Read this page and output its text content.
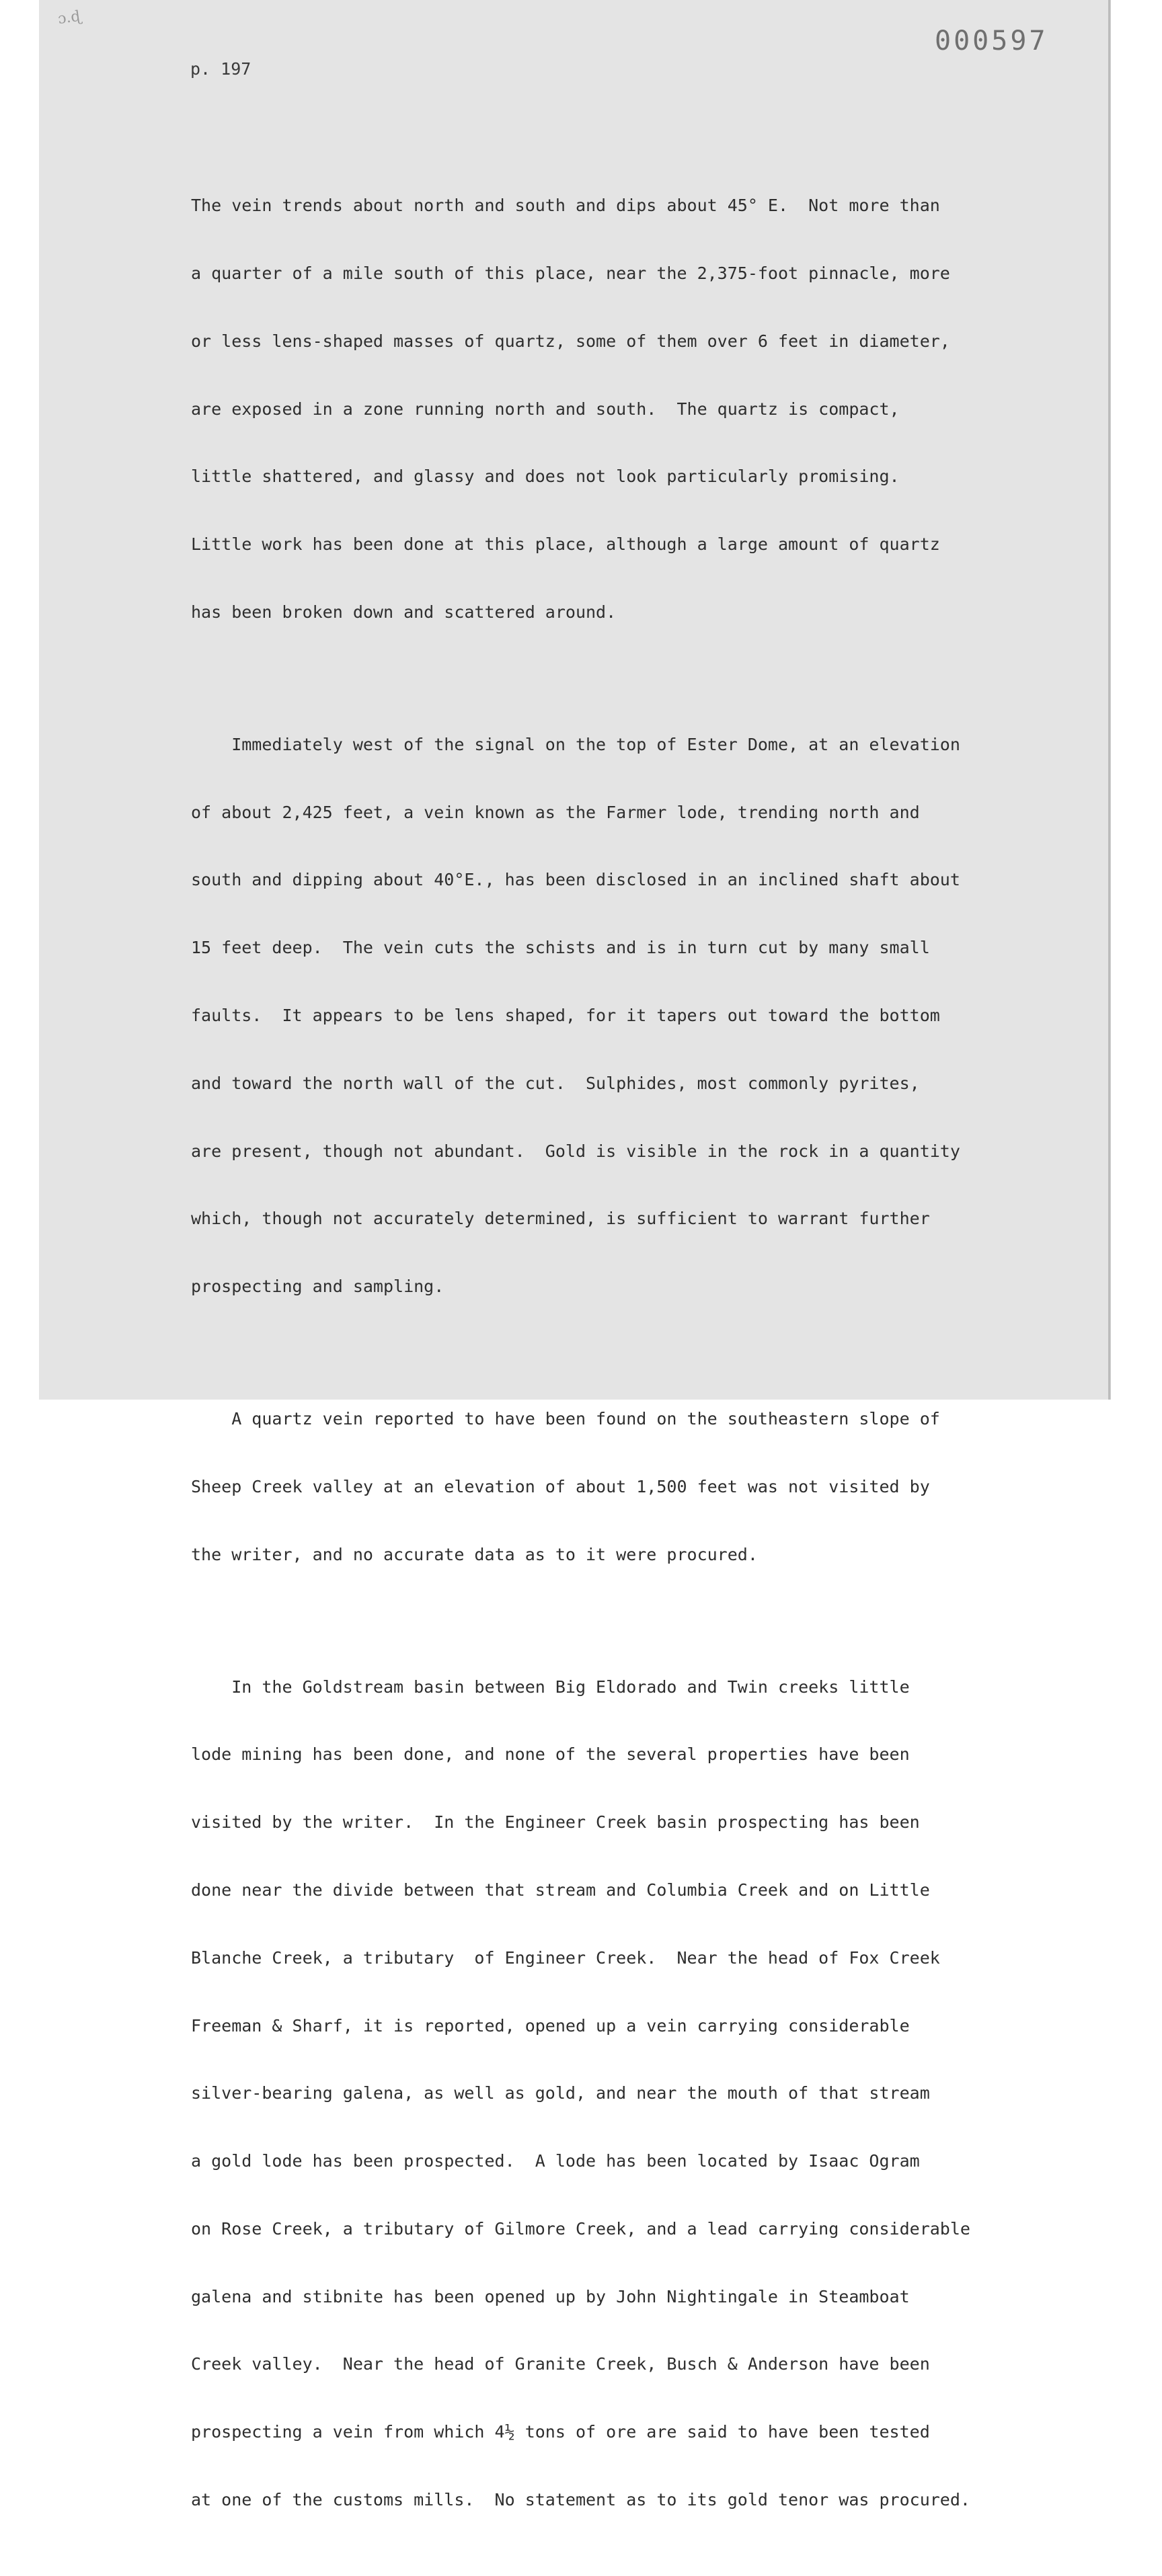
ɔ.ɖ
p. 197
000597

The vein trends about north and south and dips about 45° E.  Not more than

a quarter of a mile south of this place, near the 2,375-foot pinnacle, more

or less lens-shaped masses of quartz, some of them over 6 feet in diameter,

are exposed in a zone running north and south.  The quartz is compact,

little shattered, and glassy and does not look particularly promising.

Little work has been done at this place, although a large amount of quartz

has been broken down and scattered around.

Immediately west of the signal on the top of Ester Dome, at an elevation

of about 2,425 feet, a vein known as the Farmer lode, trending north and

south and dipping about 40°E., has been disclosed in an inclined shaft about

15 feet deep.  The vein cuts the schists and is in turn cut by many small

faults.  It appears to be lens shaped, for it tapers out toward the bottom

and toward the north wall of the cut.  Sulphides, most commonly pyrites,

are present, though not abundant.  Gold is visible in the rock in a quantity

which, though not accurately determined, is sufficient to warrant further

prospecting and sampling.

A quartz vein reported to have been found on the southeastern slope of

Sheep Creek valley at an elevation of about 1,500 feet was not visited by

the writer, and no accurate data as to it were procured.

In the Goldstream basin between Big Eldorado and Twin creeks little

lode mining has been done, and none of the several properties have been

visited by the writer.  In the Engineer Creek basin prospecting has been

done near the divide between that stream and Columbia Creek and on Little

Blanche Creek, a tributary  of Engineer Creek.  Near the head of Fox Creek

Freeman & Sharf, it is reported, opened up a vein carrying considerable

silver-bearing galena, as well as gold, and near the mouth of that stream

a gold lode has been prospected.  A lode has been located by Isaac Ogram

on Rose Creek, a tributary of Gilmore Creek, and a lead carrying considerable

galena and stibnite has been opened up by John Nightingale in Steamboat

Creek valley.  Near the head of Granite Creek, Busch & Anderson have been

prospecting a vein from which 4½ tons of ore are said to have been tested

at one of the customs mills.  No statement as to its gold tenor was procured.
